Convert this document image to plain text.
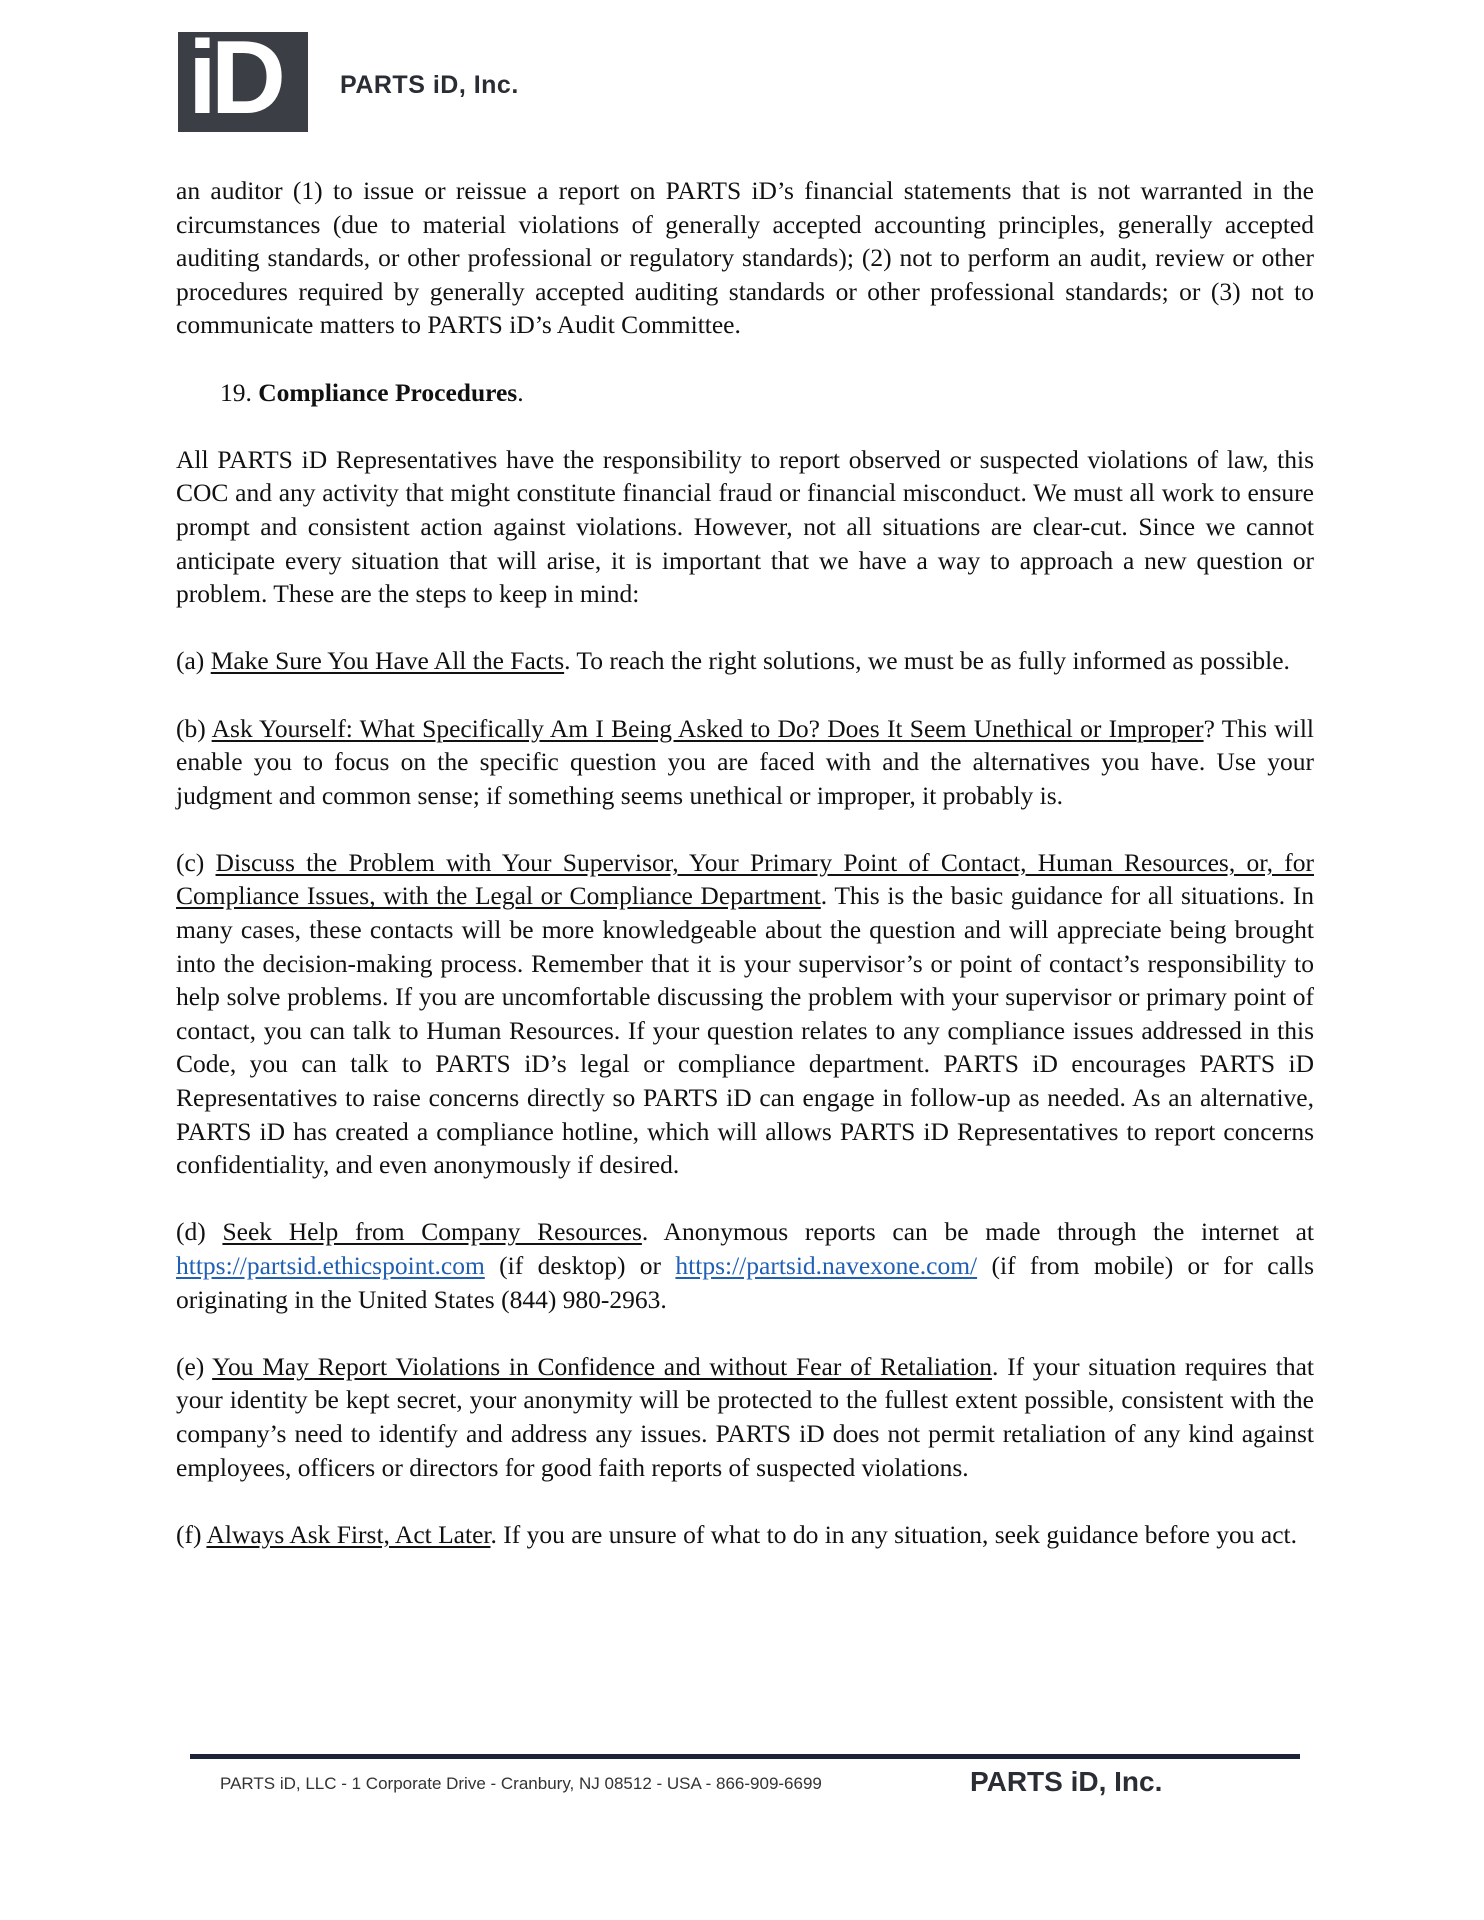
iD PARTS iD, Inc.

an auditor (1) to issue or reissue a report on PARTS iD’s financial statements that is not warranted in the circumstances (due to material violations of generally accepted accounting principles, generally accepted auditing standards, or other professional or regulatory standards); (2) not to perform an audit, review or other procedures required by generally accepted auditing standards or other professional standards; or (3) not to communicate matters to PARTS iD’s Audit Committee.

19. Compliance Procedures.

All PARTS iD Representatives have the responsibility to report observed or suspected violations of law, this COC and any activity that might constitute financial fraud or financial misconduct. We must all work to ensure prompt and consistent action against violations. However, not all situations are clear-cut. Since we cannot anticipate every situation that will arise, it is important that we have a way to approach a new question or problem. These are the steps to keep in mind:

(a) Make Sure You Have All the Facts. To reach the right solutions, we must be as fully informed as possible.

(b) Ask Yourself: What Specifically Am I Being Asked to Do? Does It Seem Unethical or Improper? This will enable you to focus on the specific question you are faced with and the alternatives you have. Use your judgment and common sense; if something seems unethical or improper, it probably is.

(c) Discuss the Problem with Your Supervisor, Your Primary Point of Contact, Human Resources, or, for Compliance Issues, with the Legal or Compliance Department. This is the basic guidance for all situations. In many cases, these contacts will be more knowledgeable about the question and will appreciate being brought into the decision-making process. Remember that it is your supervisor’s or point of contact’s responsibility to help solve problems. If you are uncomfortable discussing the problem with your supervisor or primary point of contact, you can talk to Human Resources. If your question relates to any compliance issues addressed in this Code, you can talk to PARTS iD’s legal or compliance department. PARTS iD encourages PARTS iD Representatives to raise concerns directly so PARTS iD can engage in follow-up as needed. As an alternative, PARTS iD has created a compliance hotline, which will allows PARTS iD Representatives to report concerns confidentiality, and even anonymously if desired.

(d) Seek Help from Company Resources. Anonymous reports can be made through the internet at https://partsid.ethicspoint.com (if desktop) or https://partsid.navexone.com/ (if from mobile) or for calls originating in the United States (844) 980-2963.

(e) You May Report Violations in Confidence and without Fear of Retaliation. If your situation requires that your identity be kept secret, your anonymity will be protected to the fullest extent possible, consistent with the company’s need to identify and address any issues. PARTS iD does not permit retaliation of any kind against employees, officers or directors for good faith reports of suspected violations.

(f) Always Ask First, Act Later. If you are unsure of what to do in any situation, seek guidance before you act.

PARTS iD, LLC - 1 Corporate Drive - Cranbury, NJ 08512 - USA - 866-909-6699	PARTS iD, Inc.
